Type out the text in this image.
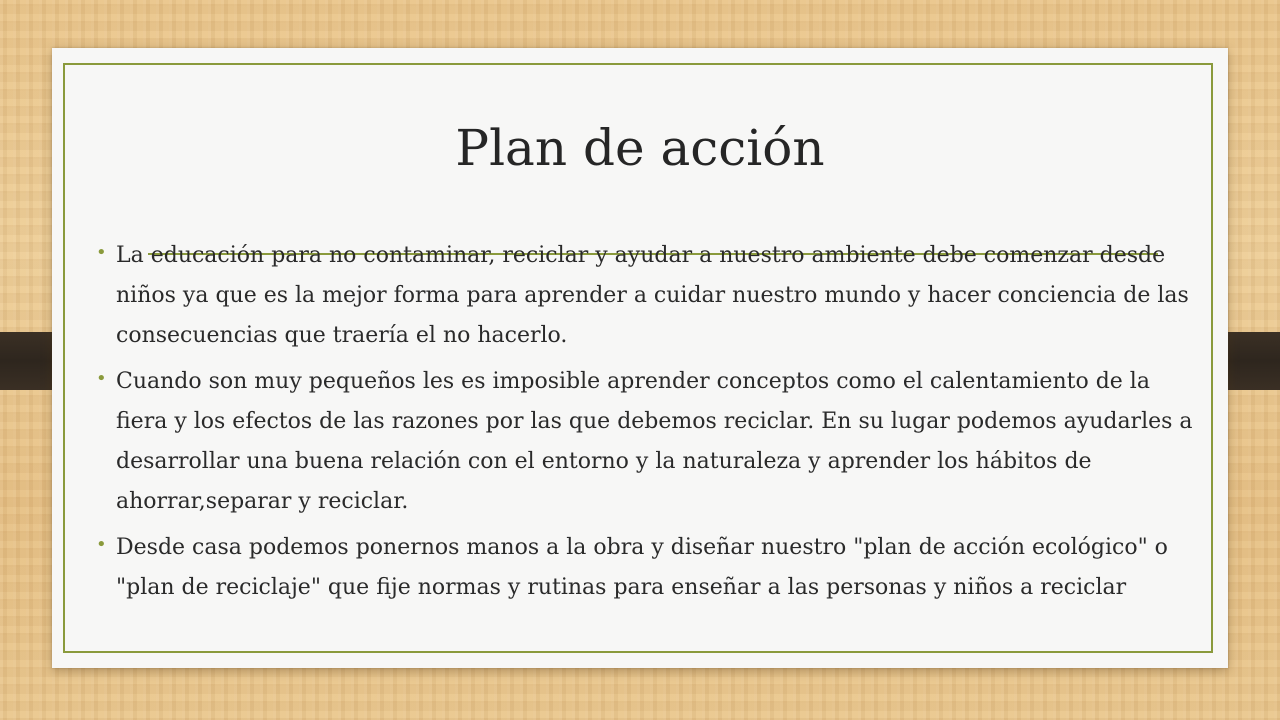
Plan de acción
• La educación para no contaminar, reciclar y ayudar a nuestro ambiente debe comenzar desde niños ya que es la mejor forma para aprender a cuidar nuestro mundo y hacer conciencia de las consecuencias que traería el no hacerlo.
• Cuando son muy pequeños les es imposible aprender conceptos como el calentamiento de la fiera y los efectos de las razones por las que debemos reciclar. En su lugar podemos ayudarles a desarrollar una buena relación con el entorno y la naturaleza y aprender los hábitos de ahorrar,separar y reciclar.
• Desde casa podemos ponernos manos a la obra y diseñar nuestro "plan de acción ecológico" o "plan de reciclaje" que fije normas y rutinas para enseñar a las personas y niños a reciclar
